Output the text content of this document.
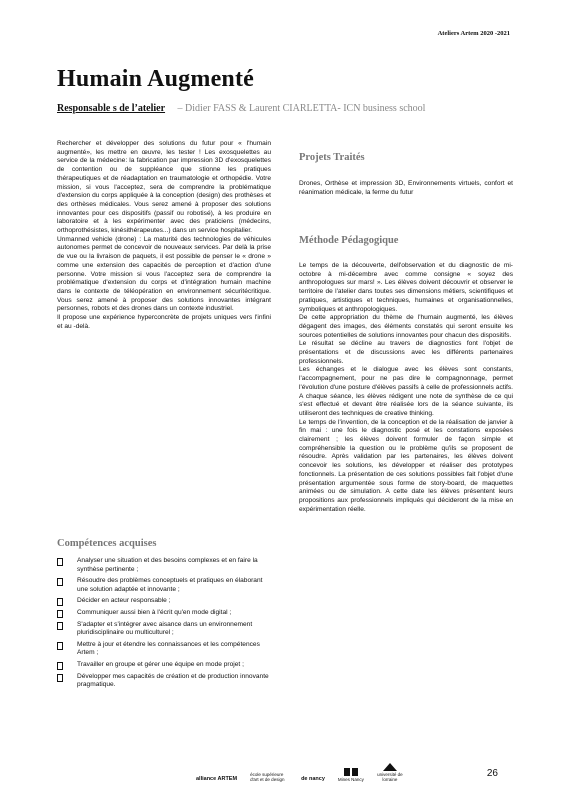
Ateliers Artem 2020 -2021
Humain Augmenté
Responsable s de l’atelier – Didier FASS & Laurent CIARLETTA- ICN business school

Rechercher et développer des solutions du futur pour « l'humain augmenté», les mettre en œuvre, les tester ! Les exosquelettes au service de la médecine: la fabrication par impression 3D d'exosquelettes de contention ou de suppléance que stionne les pratiques thérapeutiques et de réadaptation en traumatologie et orthopédie. Votre mission, si vous l'acceptez, sera de comprendre la problématique d'extension du corps appliquée à la conception (design) des prothèses et des orthèses médicales. Vous serez amené à proposer des solutions innovantes pour ces dispositifs (passif ou robotisé), à les produire en laboratoire et à les expérimenter avec des praticiens (médecins, orthoprothésistes, kinésithérapeutes...) dans un service hospitalier.

Unmanned vehicle (drone) : La maturité des technologies de véhicules autonomes permet de concevoir de nouveaux services. Par delà la prise de vue ou la livraison de paquets, il est possible de penser le « drone » comme une extension des capacités de perception et d'action d'une personne. Votre mission si vous l'acceptez sera de comprendre la problématique d'extension du corps et d'intégration humain machine dans le contexte de téléopération en environnement sécuritécritique. Vous serez amené à proposer des solutions innovantes intégrant personnes, robots et des drones dans un contexte industriel.

Il propose une expérience hyperconcrète de projets uniques vers l'infini et au -delà.

Compétences acquises
Analyser une situation et des besoins complexes et en faire la synthèse pertinente ;
Résoudre des problèmes conceptuels et pratiques en élaborant une solution adaptée et innovante ;
Décider en acteur responsable ;
Communiquer aussi bien à l'écrit qu'en mode digital ;
S'adapter et s'intégrer avec aisance dans un environnement pluridisciplinaire ou multiculturel ;
Mettre à jour et étendre les connaissances et les compétences Artem ;
Travailler en groupe et gérer une équipe en mode projet ;
Développer mes capacités de création et de production innovante pragmatique.
Projets Traités

Drones, Orthèse et impression 3D, Environnements virtuels, confort et réanimation médicale, la ferme du futur

Méthode Pédagogique

Le temps de la découverte, dell'observation et du diagnostic de mi-octobre à mi-décembre avec comme consigne « soyez des anthropologues sur mars! ». Les élèves doivent découvrir et observer le territoire de l'atelier dans toutes ses dimensions métiers, scientifiques et pratiques, artistiques et techniques, humaines et organisationnelles, symboliques et anthropologiques.

De cette appropriation du thème de l'humain augmenté, les élèves dégagent des images, des éléments constatés qui seront ensuite les sources potentielles de solutions innovantes pour chacun des dispositifs.

Le résultat se décline au travers de diagnostics font l'objet de présentations et de discussions avec les différents partenaires professionnels.

Les échanges et le dialogue avec les élèves sont constants, l'accompagnement, pour ne pas dire le compagnonnage, permet l'évolution d'une posture d'élèves passifs à celle de professionnels actifs. A chaque séance, les élèves rédigent une note de synthèse de ce qui s'est effectué et devant être réalisée lors de la séance suivante, ils utiliseront des techniques de creative thinking.

Le temps de l'invention, de la conception et de la réalisation de janvier à fin mai : une fois le diagnostic posé et les constations exposées clairement ; les élèves doivent formuler de façon simple et compréhensible la question ou le problème qu'ils se proposent de résoudre. Après validation par les partenaires, les élèves doivent concevoir les solutions, les développer et réaliser des prototypes fonctionnels. La présentation de ces solutions possibles fait l'objet d'une présentation argumentée sous forme de story-board, de maquettes animées ou de simulation. A cette date les élèves présentent leurs propositions aux professionnels impliqués qui décideront de la mise en expérimentation réelle.

alliance ARTEM
école supérieure d'art et de design	de nancy	Mines Nancy

université de lorraine
26
